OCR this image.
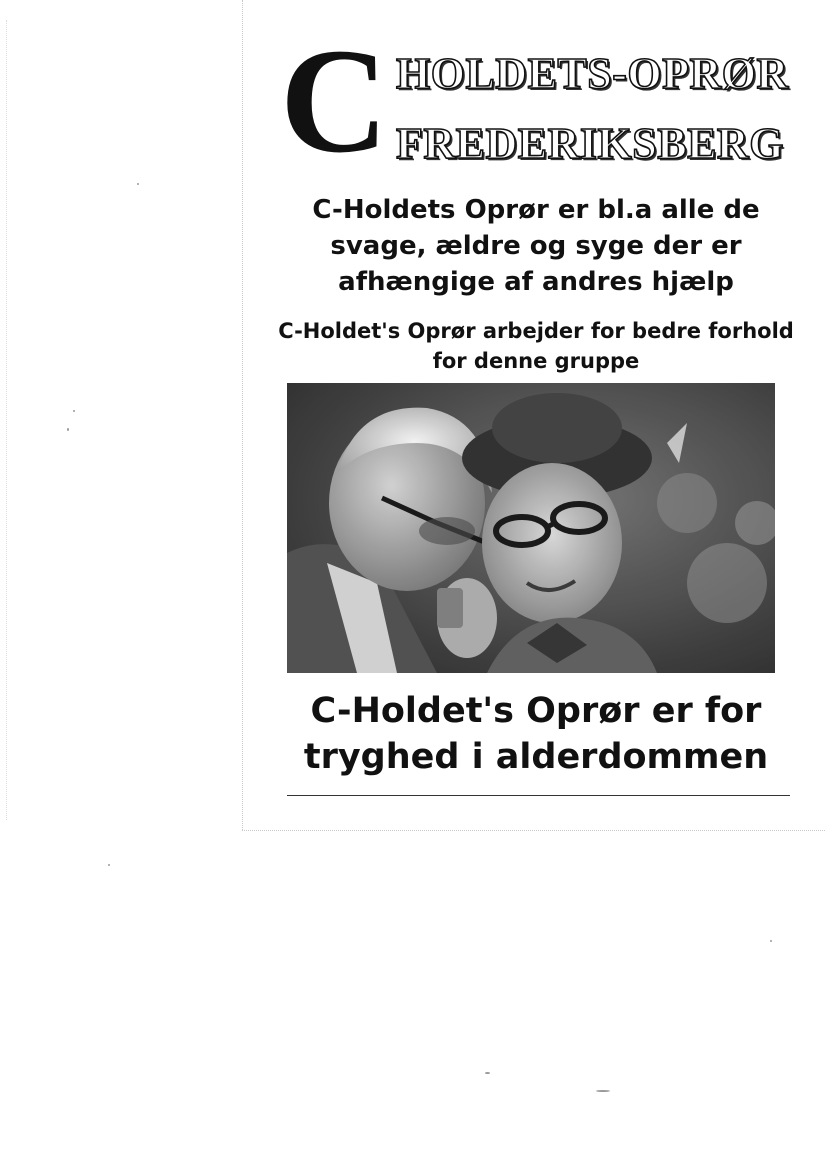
C HOLDETS-OPRØR
FREDERIKSBERG

C-Holdets Oprør er bl.a alle de svage, ældre og syge der er afhængige af andres hjælp

C-Holdet's Oprør arbejder for bedre forhold for denne gruppe

C-Holdet's Oprør er for tryghed i alderdommen
